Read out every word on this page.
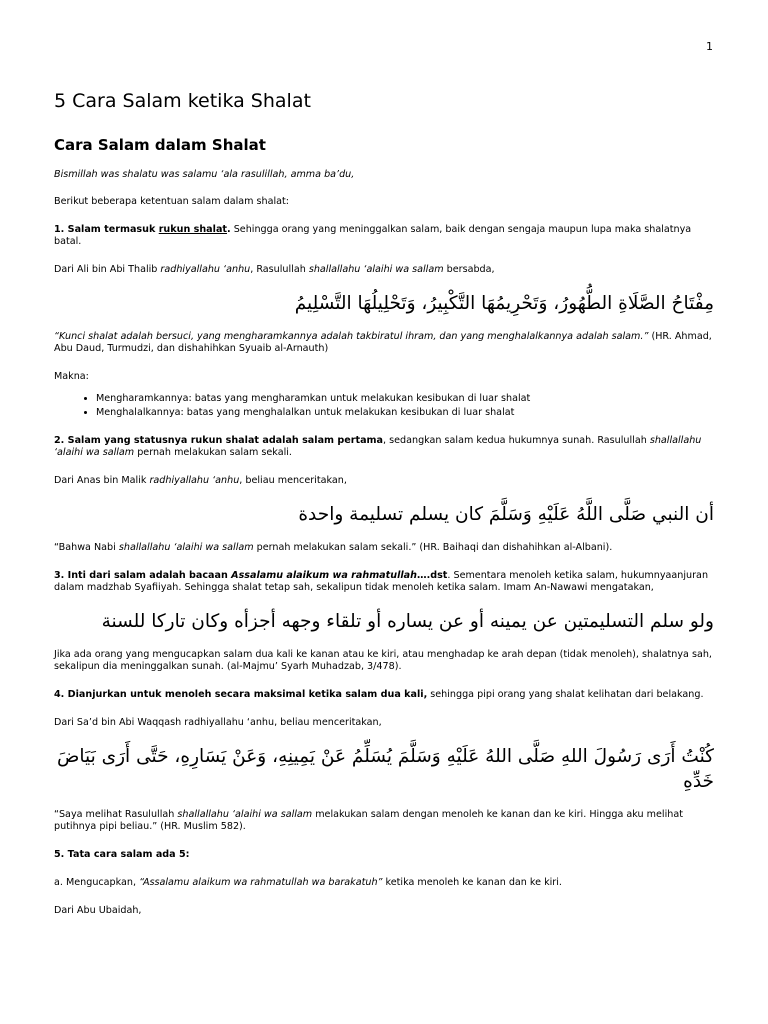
1
5 Cara Salam ketika Shalat
Cara Salam dalam Shalat

Bismillah was shalatu was salamu ‘ala rasulillah, amma ba’du,

Berikut beberapa ketentuan salam dalam shalat:

1. Salam termasuk rukun shalat. Sehingga orang yang meninggalkan salam, baik dengan sengaja maupun lupa maka shalatnya batal.

Dari Ali bin Abi Thalib radhiyallahu ‘anhu, Rasulullah shallallahu ‘alaihi wa sallam bersabda,

مِفْتَاحُ الصَّلَاةِ الطُّهُورُ، وَتَحْرِيمُهَا التَّكْبِيرُ، وَتَحْلِيلُهَا التَّسْلِيمُ

“Kunci shalat adalah bersuci, yang mengharamkannya adalah takbiratul ihram, dan yang menghalalkannya adalah salam.” (HR. Ahmad, Abu Daud, Turmudzi, dan dishahihkan Syuaib al-Arnauth)

Makna:

• Mengharamkannya: batas yang mengharamkan untuk melakukan kesibukan di luar shalat
• Menghalalkannya: batas yang menghalalkan untuk melakukan kesibukan di luar shalat

2. Salam yang statusnya rukun shalat adalah salam pertama, sedangkan salam kedua hukumnya sunah. Rasulullah shallallahu ‘alaihi wa sallam pernah melakukan salam sekali.

Dari Anas bin Malik radhiyallahu ‘anhu, beliau menceritakan,

أن النبي صَلَّى اللَّهُ عَلَيْهِ وَسَلَّمَ كان يسلم تسليمة واحدة

“Bahwa Nabi shallallahu ‘alaihi wa sallam pernah melakukan salam sekali.” (HR. Baihaqi dan dishahihkan al-Albani).

3. Inti dari salam adalah bacaan Assalamu alaikum wa rahmatullah….dst. Sementara menoleh ketika salam, hukumnyaanjuran dalam madzhab Syafiiyah. Sehingga shalat tetap sah, sekalipun tidak menoleh ketika salam. Imam An-Nawawi mengatakan,

ولو سلم التسليمتين عن يمينه أو عن يساره أو تلقاء وجهه أجزأه وكان تاركا للسنة

Jika ada orang yang mengucapkan salam dua kali ke kanan atau ke kiri, atau menghadap ke arah depan (tidak menoleh), shalatnya sah, sekalipun dia meninggalkan sunah. (al-Majmu’ Syarh Muhadzab, 3/478).

4. Dianjurkan untuk menoleh secara maksimal ketika salam dua kali, sehingga pipi orang yang shalat kelihatan dari belakang.

Dari Sa’d bin Abi Waqqash radhiyallahu ‘anhu, beliau menceritakan,

كُنْتُ أَرَى رَسُولَ اللهِ صَلَّى اللهُ عَلَيْهِ وَسَلَّمَ يُسَلِّمُ عَنْ يَمِينِهِ، وَعَنْ يَسَارِهِ، حَتَّى أَرَى بَيَاضَ خَدِّهِ

“Saya melihat Rasulullah shallallahu ‘alaihi wa sallam melakukan salam dengan menoleh ke kanan dan ke kiri. Hingga aku melihat putihnya pipi beliau.” (HR. Muslim 582).

5. Tata cara salam ada 5:

a. Mengucapkan, “Assalamu alaikum wa rahmatullah wa barakatuh” ketika menoleh ke kanan dan ke kiri.

Dari Abu Ubaidah,
